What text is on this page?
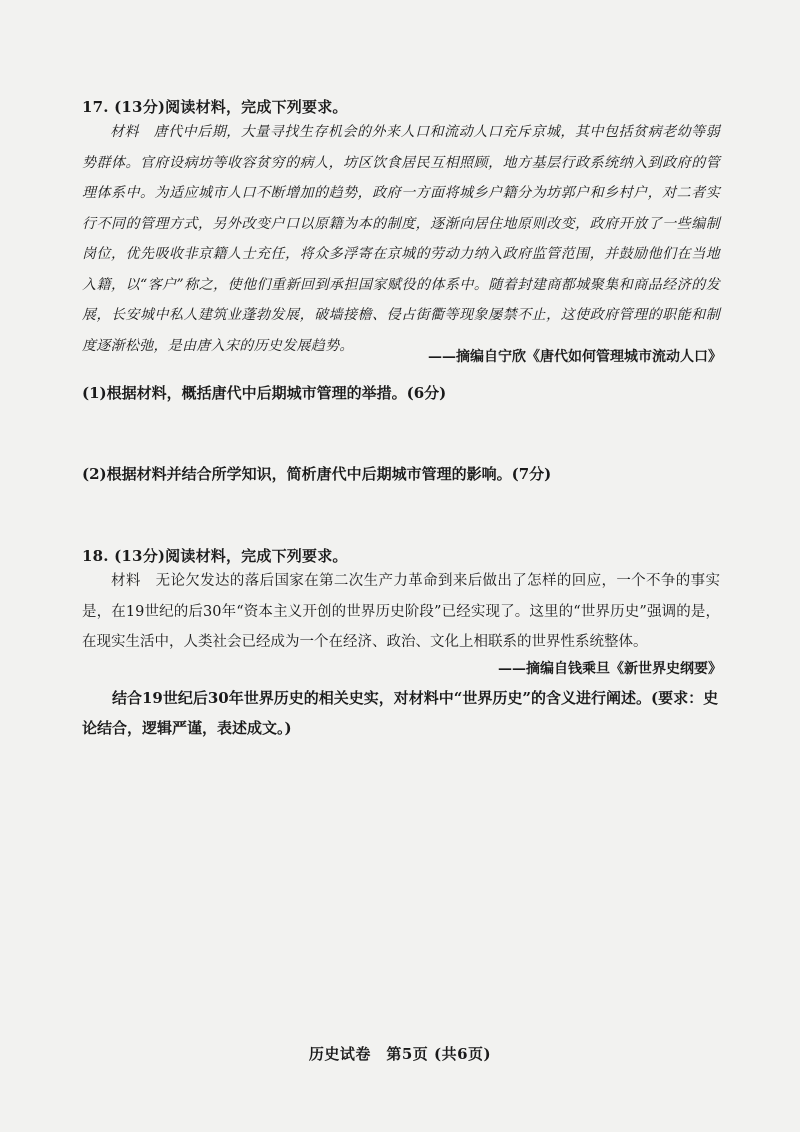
17. (13分)阅读材料，完成下列要求。
材料　唐代中后期，大量寻找生存机会的外来人口和流动人口充斥京城，其中包括贫病老幼等弱势群体。官府设病坊等收容贫穷的病人，坊区饮食居民互相照顾，地方基层行政系统纳入到政府的管理体系中。为适应城市人口不断增加的趋势，政府一方面将城乡户籍分为坊郭户和乡村户，对二者实行不同的管理方式，另外改变户口以原籍为本的制度，逐渐向居住地原则改变，政府开放了一些编制岗位，优先吸收非京籍人士充任，将众多浮寄在京城的劳动力纳入政府监管范围，并鼓励他们在当地入籍，以“客户”称之，使他们重新回到承担国家赋役的体系中。随着封建商都城聚集和商品经济的发展，长安城中私人建筑业蓬勃发展，破墙接檐、侵占街衢等现象屡禁不止，这使政府管理的职能和制度逐渐松弛，是由唐入宋的历史发展趋势。
——摘编自宁欣《唐代如何管理城市流动人口》
(1)根据材料，概括唐代中后期城市管理的举措。(6分)
(2)根据材料并结合所学知识，简析唐代中后期城市管理的影响。(7分)
18. (13分)阅读材料，完成下列要求。
材料　无论欠发达的落后国家在第二次生产力革命到来后做出了怎样的回应，一个不争的事实是，在19世纪的后30年“资本主义开创的世界历史阶段”已经实现了。这里的“世界历史”强调的是，在现实生活中，人类社会已经成为一个在经济、政治、文化上相联系的世界性系统整体。
——摘编自钱乘旦《新世界史纲要》
结合19世纪后30年世界历史的相关史实，对材料中“世界历史”的含义进行阐述。(要求：史论结合，逻辑严谨，表述成文。)
历史试卷　第5页 (共6页)
